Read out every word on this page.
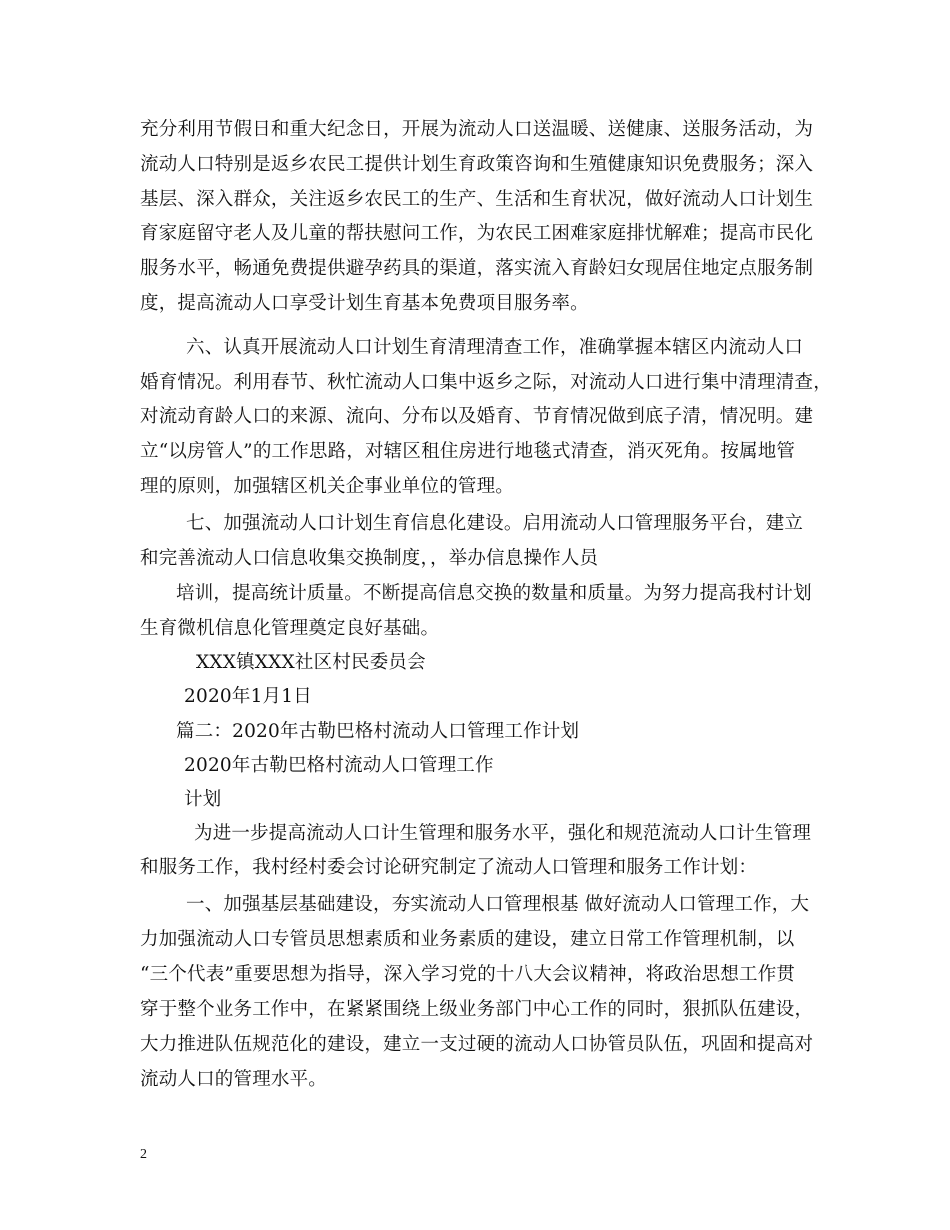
充分利用节假日和重大纪念日，开展为流动人口送温暖、送健康、送服务活动，为
流动人口特别是返乡农民工提供计划生育政策咨询和生殖健康知识免费服务；深入
基层、深入群众，关注返乡农民工的生产、生活和生育状况，做好流动人口计划生
育家庭留守老人及儿童的帮扶慰问工作，为农民工困难家庭排忧解难；提高市民化
服务水平，畅通免费提供避孕药具的渠道，落实流入育龄妇女现居住地定点服务制
度，提高流动人口享受计划生育基本免费项目服务率。
六、认真开展流动人口计划生育清理清查工作，准确掌握本辖区内流动人口
婚育情况。利用春节、秋忙流动人口集中返乡之际，对流动人口进行集中清理清查，
对流动育龄人口的来源、流向、分布以及婚育、节育情况做到底子清，情况明。建
立“以房管人”的工作思路，对辖区租住房进行地毯式清查，消灭死角。按属地管
理的原则，加强辖区机关企事业单位的管理。
七、加强流动人口计划生育信息化建设。启用流动人口管理服务平台，建立
和完善流动人口信息收集交换制度，，举办信息操作人员
培训，提高统计质量。不断提高信息交换的数量和质量。为努力提高我村计划
生育微机信息化管理奠定良好基础。
XXX镇XXX社区村民委员会
2020年1月1日
篇二：2020年古勒巴格村流动人口管理工作计划
2020年古勒巴格村流动人口管理工作
计划
为进一步提高流动人口计生管理和服务水平，强化和规范流动人口计生管理
和服务工作，我村经村委会讨论研究制定了流动人口管理和服务工作计划：
一、加强基层基础建设，夯实流动人口管理根基 做好流动人口管理工作，大
力加强流动人口专管员思想素质和业务素质的建设，建立日常工作管理机制，以
“三个代表”重要思想为指导，深入学习党的十八大会议精神，将政治思想工作贯
穿于整个业务工作中，在紧紧围绕上级业务部门中心工作的同时，狠抓队伍建设，
大力推进队伍规范化的建设，建立一支过硬的流动人口协管员队伍，巩固和提高对
流动人口的管理水平。
2
